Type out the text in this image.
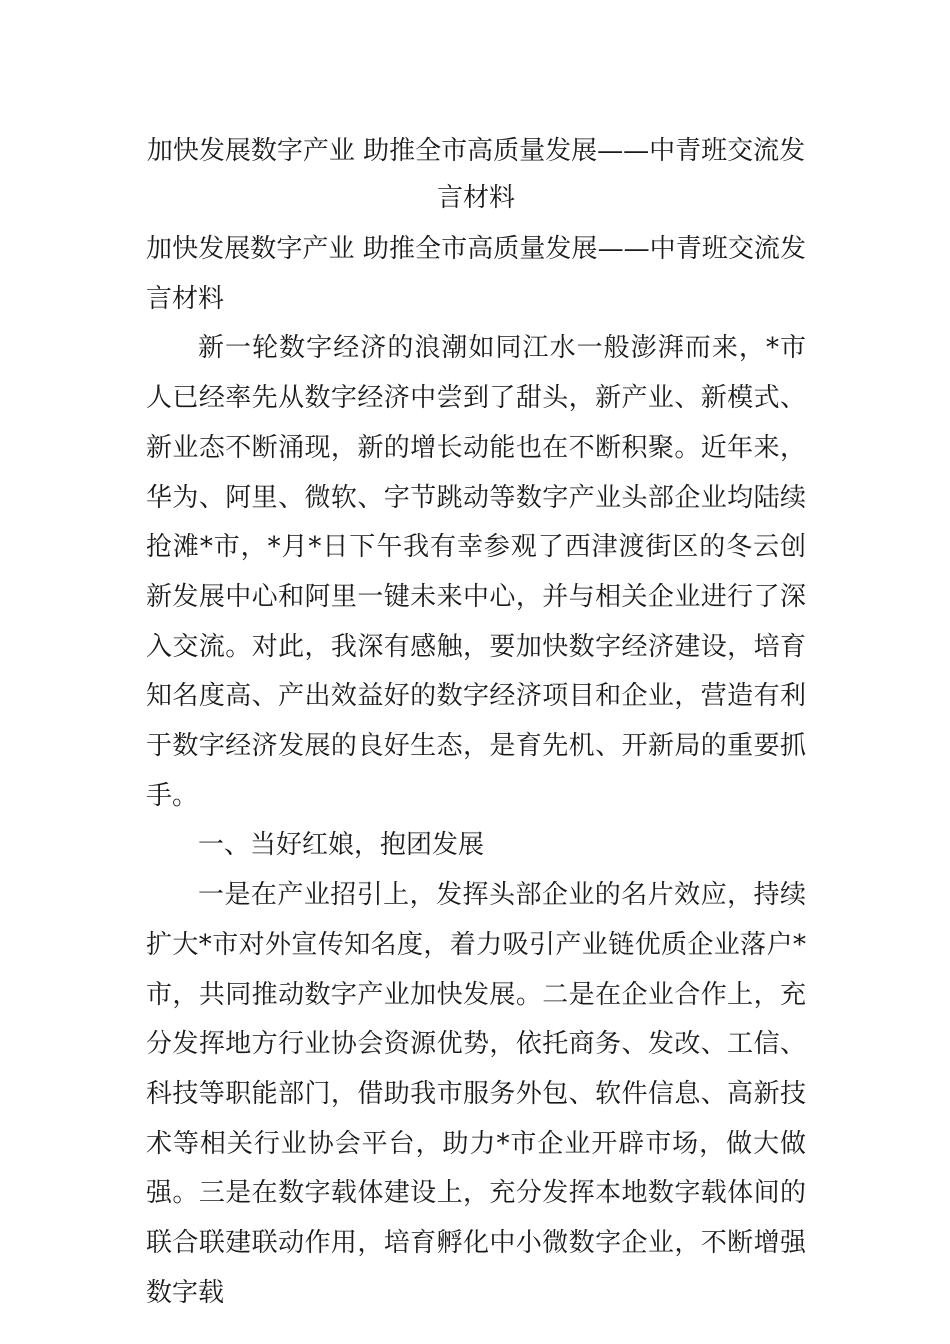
加快发展数字产业 助推全市高质量发展——中青班交流发言材料

加快发展数字产业 助推全市高质量发展——中青班交流发言材料

新一轮数字经济的浪潮如同江水一般澎湃而来，*市人已经率先从数字经济中尝到了甜头，新产业、新模式、新业态不断涌现，新的增长动能也在不断积聚。近年来，华为、阿里、微软、字节跳动等数字产业头部企业均陆续抢滩*市，*月*日下午我有幸参观了西津渡街区的冬云创新发展中心和阿里一键未来中心，并与相关企业进行了深入交流。对此，我深有感触，要加快数字经济建设，培育知名度高、产出效益好的数字经济项目和企业，营造有利于数字经济发展的良好生态，是育先机、开新局的重要抓手。

一、当好红娘，抱团发展

一是在产业招引上，发挥头部企业的名片效应，持续扩大*市对外宣传知名度，着力吸引产业链优质企业落户*市，共同推动数字产业加快发展。二是在企业合作上，充分发挥地方行业协会资源优势，依托商务、发改、工信、科技等职能部门，借助我市服务外包、软件信息、高新技术等相关行业协会平台，助力*市企业开辟市场，做大做强。三是在数字载体建设上，充分发挥本地数字载体间的联合联建联动作用，培育孵化中小微数字企业，不断增强数字载
